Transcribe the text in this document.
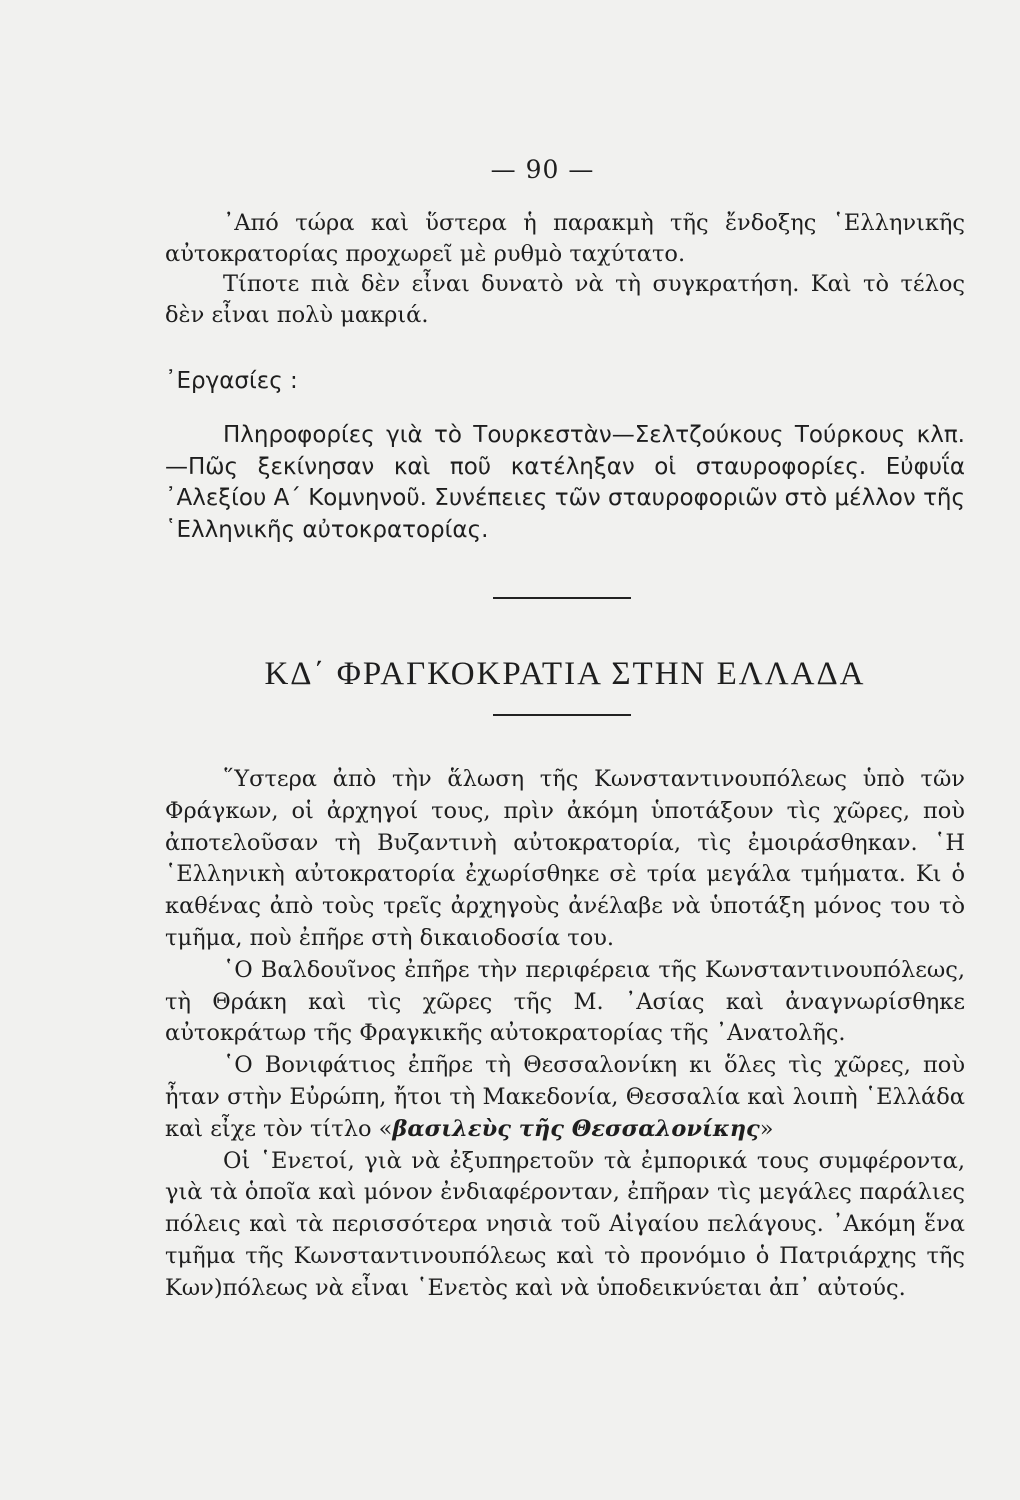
— 90 —

᾿Από τώρα καὶ ὕστερα ἡ παρακμὴ τῆς ἔνδοξης ῾Ελληνικῆς αὐτοκρατορίας προχωρεῖ μὲ ρυθμὸ ταχύτατο.

Τίποτε πιὰ δὲν εἶναι δυνατὸ νὰ τὴ συγκρατήση. Καὶ τὸ τέλος δὲν εἶναι πολὺ μακριά.

᾿Εργασίες :

Πληροφορίες γιὰ τὸ Τουρκεστὰν—Σελτζούκους Τούρκους κλπ.—Πῶς ξεκίνησαν καὶ ποῦ κατέληξαν οἱ σταυροφορίες. Εὐφυΐα ᾿Αλεξίου Α΄ Κομνηνοῦ. Συνέπειες τῶν σταυροφοριῶν στὸ μέλλον τῆς ῾Ελληνικῆς αὐτοκρατορίας.

ΚΔ΄ ΦΡΑΓΚΟΚΡΑΤΙΑ ΣΤΗΝ ΕΛΛΑΔΑ

῞Υστερα ἀπὸ τὴν ἅλωση τῆς Κωνσταντινουπόλεως ὑπὸ τῶν Φράγκων, οἱ ἀρχηγοί τους, πρὶν ἀκόμη ὑποτάξουν τὶς χῶρες, ποὺ ἀποτελοῦσαν τὴ Βυζαντινὴ αὐτοκρατορία, τὶς ἐμοιράσθηκαν. ῾Η ῾Ελληνικὴ αὐτοκρατορία ἐχωρίσθηκε σὲ τρία μεγάλα τμήματα. Κι ὁ καθένας ἀπὸ τοὺς τρεῖς ἀρχηγοὺς ἀνέλαβε νὰ ὑποτάξη μόνος του τὸ τμῆμα, ποὺ ἐπῆρε στὴ δικαιοδοσία του.

῾Ο Βαλδουῖνος ἐπῆρε τὴν περιφέρεια τῆς Κωνσταντινουπόλεως, τὴ Θράκη καὶ τὶς χῶρες τῆς Μ. ᾿Ασίας καὶ ἀναγνωρίσθηκε αὐτοκράτωρ τῆς Φραγκικῆς αὐτοκρατορίας τῆς ᾿Ανατολῆς.

῾Ο Βονιφάτιος ἐπῆρε τὴ Θεσσαλονίκη κι ὅλες τὶς χῶρες, ποὺ ἦταν στὴν Εὐρώπη, ἤτοι τὴ Μακεδονία, Θεσσαλία καὶ λοιπὴ ῾Ελλάδα καὶ εἶχε τὸν τίτλο «βασιλεὺς τῆς Θεσσαλονίκης»

Οἱ ῾Ενετοί, γιὰ νὰ ἐξυπηρετοῦν τὰ ἐμπορικά τους συμφέροντα, γιὰ τὰ ὁποῖα καὶ μόνον ἐνδιαφέρονταν, ἐπῆραν τὶς μεγάλες παράλιες πόλεις καὶ τὰ περισσότερα νησιὰ τοῦ Αἰγαίου πελάγους. ᾿Ακόμη ἕνα τμῆμα τῆς Κωνσταντινουπόλεως καὶ τὸ προνόμιο ὁ Πατριάρχης τῆς Κων)πόλεως νὰ εἶναι ῾Ενετὸς καὶ νὰ ὑποδεικνύεται ἀπ᾿ αὐτούς.
